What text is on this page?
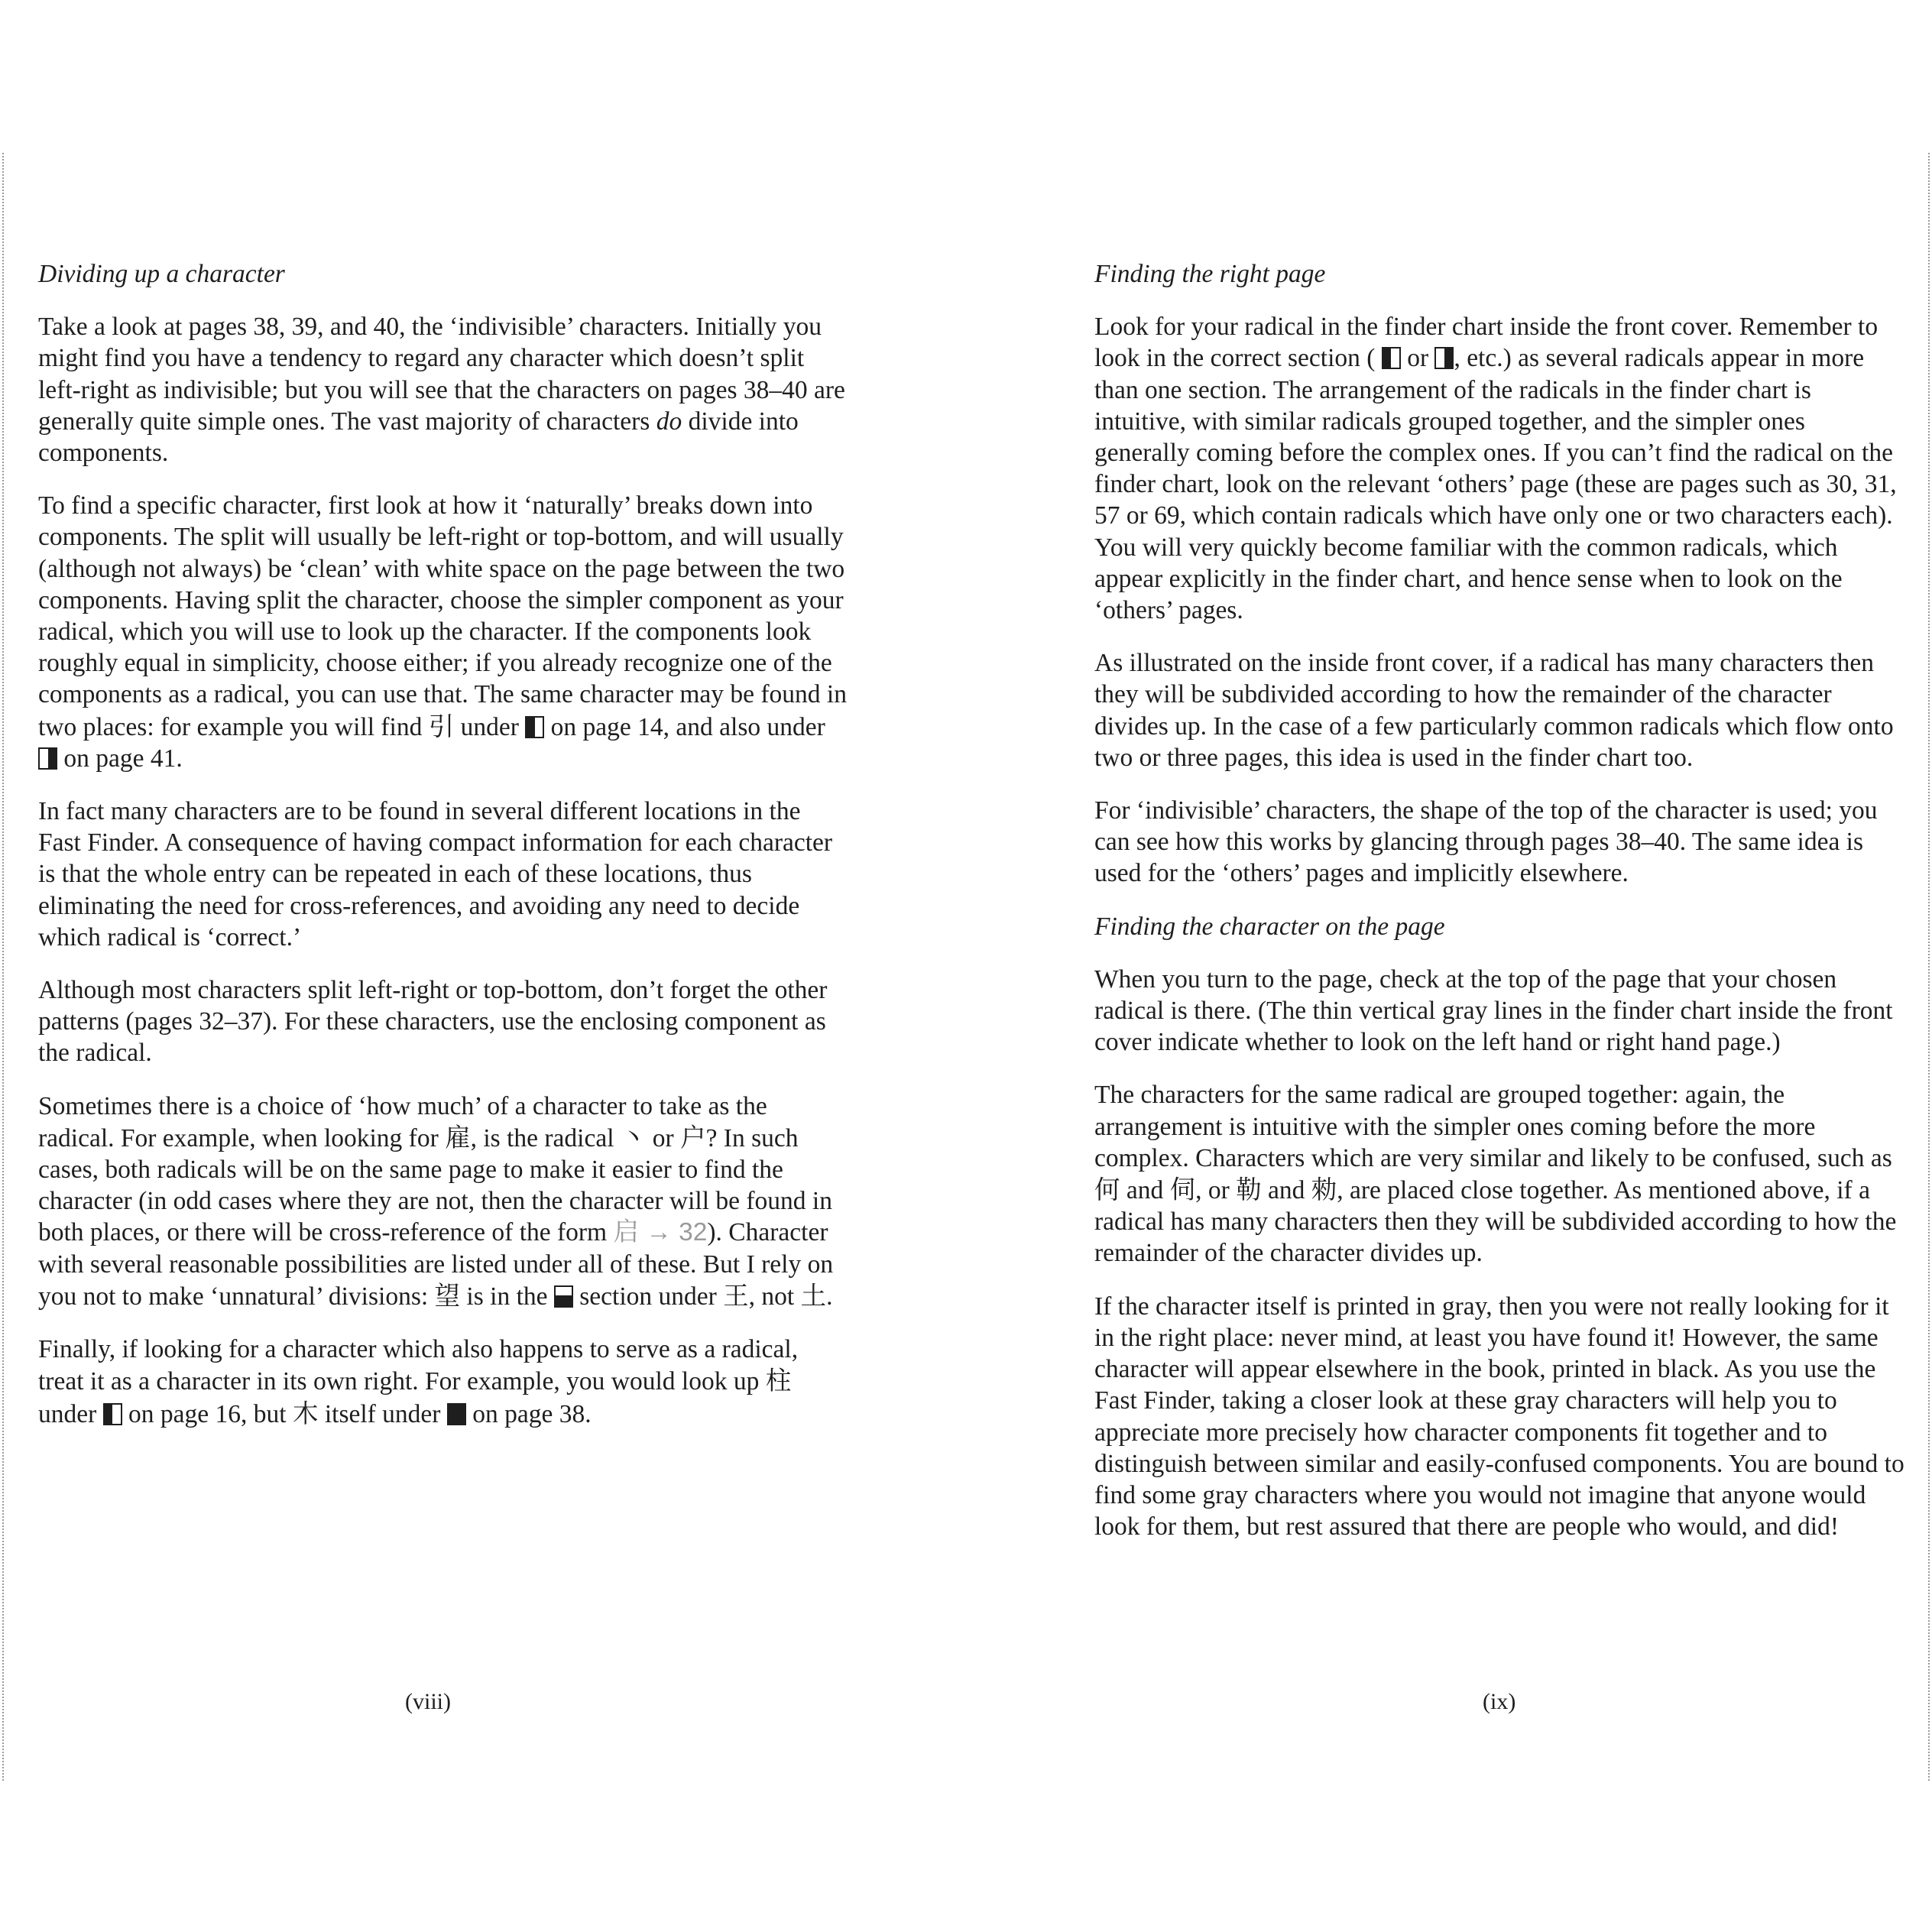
Dividing up a character

Take a look at pages 38, 39, and 40, the ‘indivisible’ characters. Initially you might find you have a tendency to regard any character which doesn’t split left-right as indivisible; but you will see that the characters on pages 38–40 are generally quite simple ones. The vast majority of characters do divide into components.

To find a specific character, first look at how it ‘naturally’ breaks down into components. The split will usually be left-right or top-bottom, and will usually (although not always) be ‘clean’ with white space on the page between the two components. Having split the character, choose the simpler component as your radical, which you will use to look up the character. If the components look roughly equal in simplicity, choose either; if you already recognize one of the components as a radical, you can use that. The same character may be found in two places: for example you will find 引 under  on page 14, and also under  on page 41.

In fact many characters are to be found in several different locations in the Fast Finder. A consequence of having compact information for each character is that the whole entry can be repeated in each of these locations, thus eliminating the need for cross-references, and avoiding any need to decide which radical is ‘correct.’

Although most characters split left-right or top-bottom, don’t forget the other patterns (pages 32–37). For these characters, use the enclosing component as the radical.

Sometimes there is a choice of ‘how much’ of a character to take as the radical. For example, when looking for 雇, is the radical 丶 or 户? In such cases, both radicals will be on the same page to make it easier to find the character (in odd cases where they are not, then the character will be found in both places, or there will be cross-reference of the form 启 → 32). Character with several reasonable possibilities are listed under all of these. But I rely on you not to make ‘unnatural’ divisions: 望 is in the  section under 王, not 土.

Finally, if looking for a character which also happens to serve as a radical, treat it as a character in its own right. For example, you would look up 柱 under  on page 16, but 木 itself under  on page 38.

Finding the right page

Look for your radical in the finder chart inside the front cover. Remember to look in the correct section (  or , etc.) as several radicals appear in more than one section. The arrangement of the radicals in the finder chart is intuitive, with similar radicals grouped together, and the simpler ones generally coming before the complex ones. If you can’t find the radical on the finder chart, look on the relevant ‘others’ page (these are pages such as 30, 31, 57 or 69, which contain radicals which have only one or two characters each). You will very quickly become familiar with the common radicals, which appear explicitly in the finder chart, and hence sense when to look on the ‘others’ pages.

As illustrated on the inside front cover, if a radical has many characters then they will be subdivided according to how the remainder of the character divides up. In the case of a few particularly common radicals which flow onto two or three pages, this idea is used in the finder chart too.

For ‘indivisible’ characters, the shape of the top of the character is used; you can see how this works by glancing through pages 38–40. The same idea is used for the ‘others’ pages and implicitly elsewhere.

Finding the character on the page

When you turn to the page, check at the top of the page that your chosen radical is there. (The thin vertical gray lines in the finder chart inside the front cover indicate whether to look on the left hand or right hand page.)

The characters for the same radical are grouped together: again, the arrangement is intuitive with the simpler ones coming before the more complex. Characters which are very similar and likely to be confused, such as 何 and 伺, or 勒 and 勑, are placed close together. As mentioned above, if a radical has many characters then they will be subdivided according to how the remainder of the character divides up.

If the character itself is printed in gray, then you were not really looking for it in the right place: never mind, at least you have found it! However, the same character will appear elsewhere in the book, printed in black. As you use the Fast Finder, taking a closer look at these gray characters will help you to appreciate more precisely how character components fit together and to distinguish between similar and easily-confused components. You are bound to find some gray characters where you would not imagine that anyone would look for them, but rest assured that there are people who would, and did!

(viii)	(ix)
